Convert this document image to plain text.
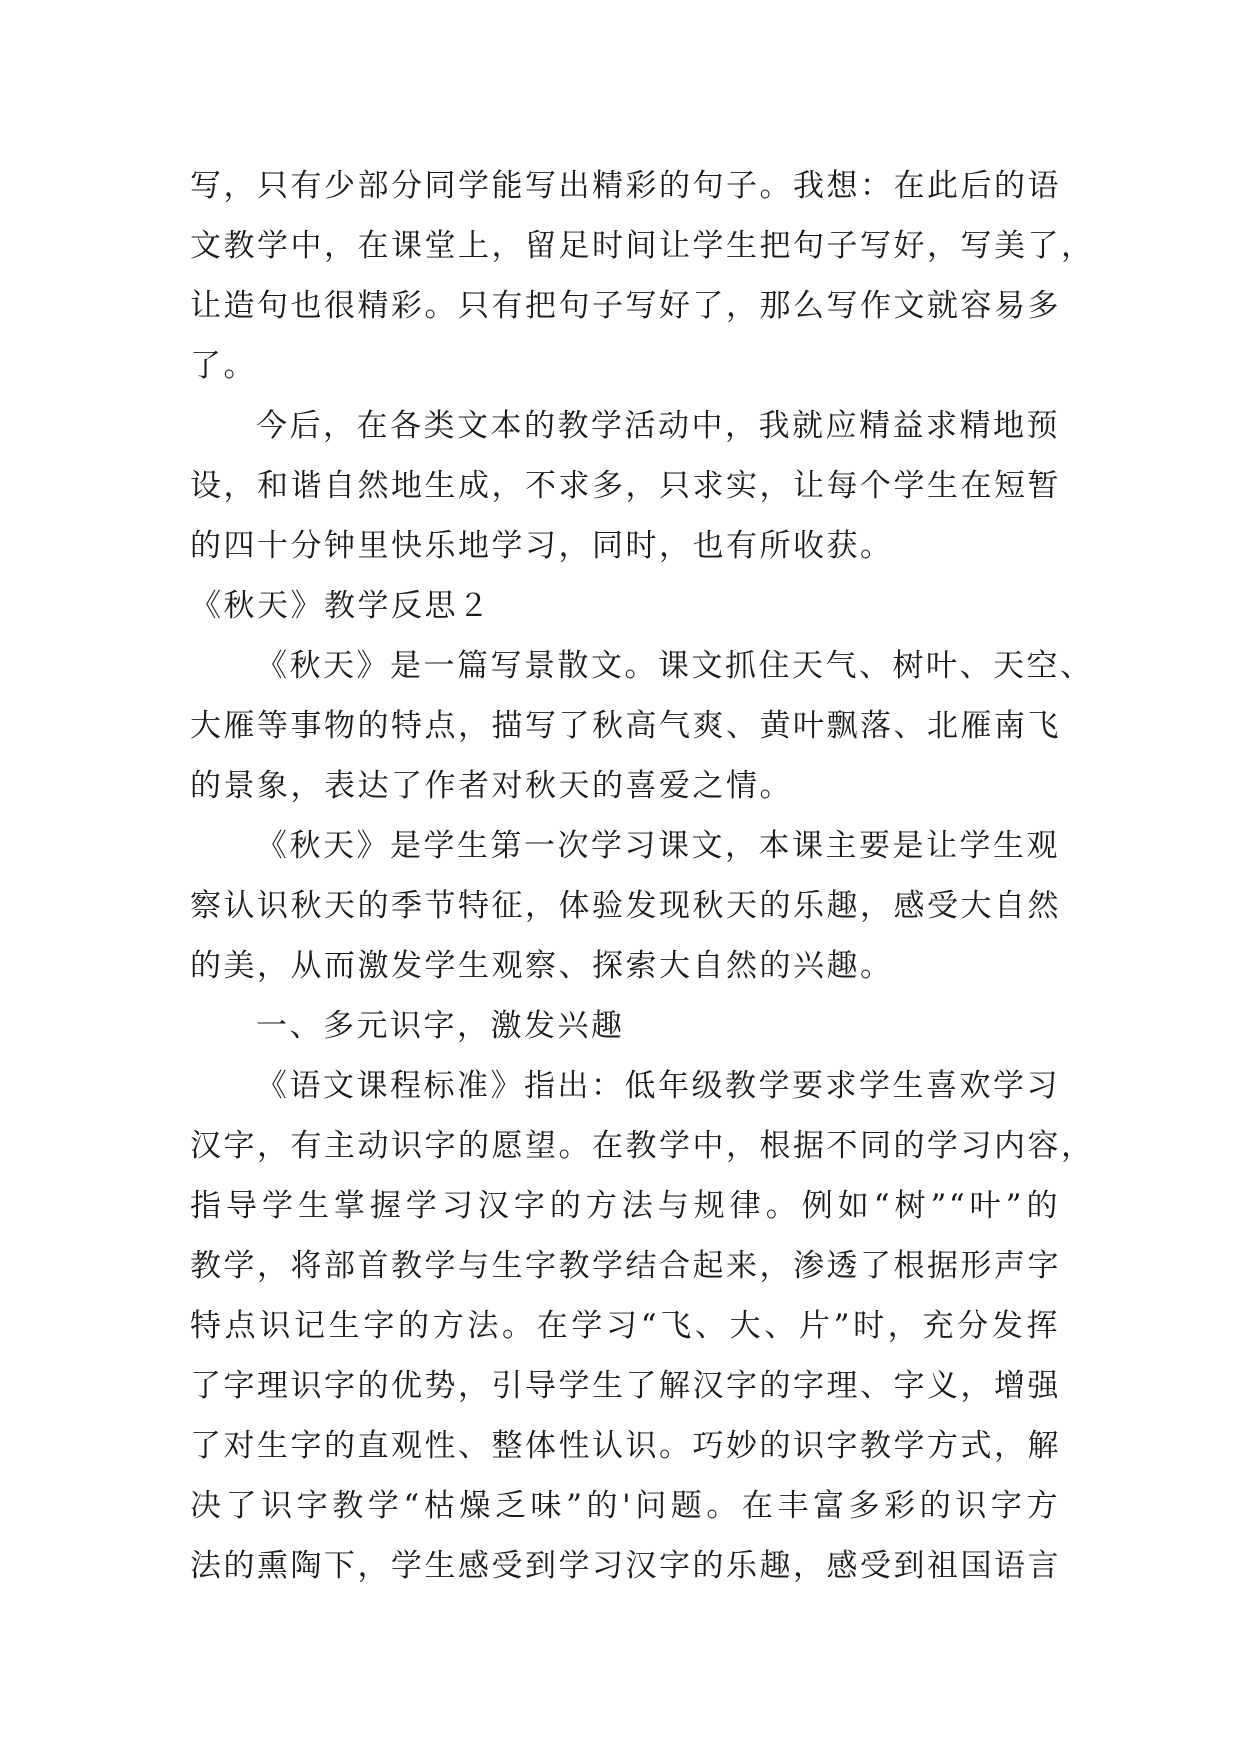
写，只有少部分同学能写出精彩的句子。我想：在此后的语
文教学中，在课堂上，留足时间让学生把句子写好，写美了，
让造句也很精彩。只有把句子写好了，那么写作文就容易多
了。
今后，在各类文本的教学活动中，我就应精益求精地预
设，和谐自然地生成，不求多，只求实，让每个学生在短暂
的四十分钟里快乐地学习，同时，也有所收获。
《秋天》教学反思２
《秋天》是一篇写景散文。课文抓住天气、树叶、天空、
大雁等事物的特点，描写了秋高气爽、黄叶飘落、北雁南飞
的景象，表达了作者对秋天的喜爱之情。
《秋天》是学生第一次学习课文，本课主要是让学生观
察认识秋天的季节特征，体验发现秋天的乐趣，感受大自然
的美，从而激发学生观察、探索大自然的兴趣。
一、多元识字，激发兴趣
《语文课程标准》指出：低年级教学要求学生喜欢学习
汉字，有主动识字的愿望。在教学中，根据不同的学习内容，
指导学生掌握学习汉字的方法与规律。例如“树”“叶”的
教学，将部首教学与生字教学结合起来，渗透了根据形声字
特点识记生字的方法。在学习“飞、大、片”时，充分发挥
了字理识字的优势，引导学生了解汉字的字理、字义，增强
了对生字的直观性、整体性认识。巧妙的识字教学方式，解
决了识字教学“枯燥乏味”的'问题。在丰富多彩的识字方
法的熏陶下，学生感受到学习汉字的乐趣，感受到祖国语言
